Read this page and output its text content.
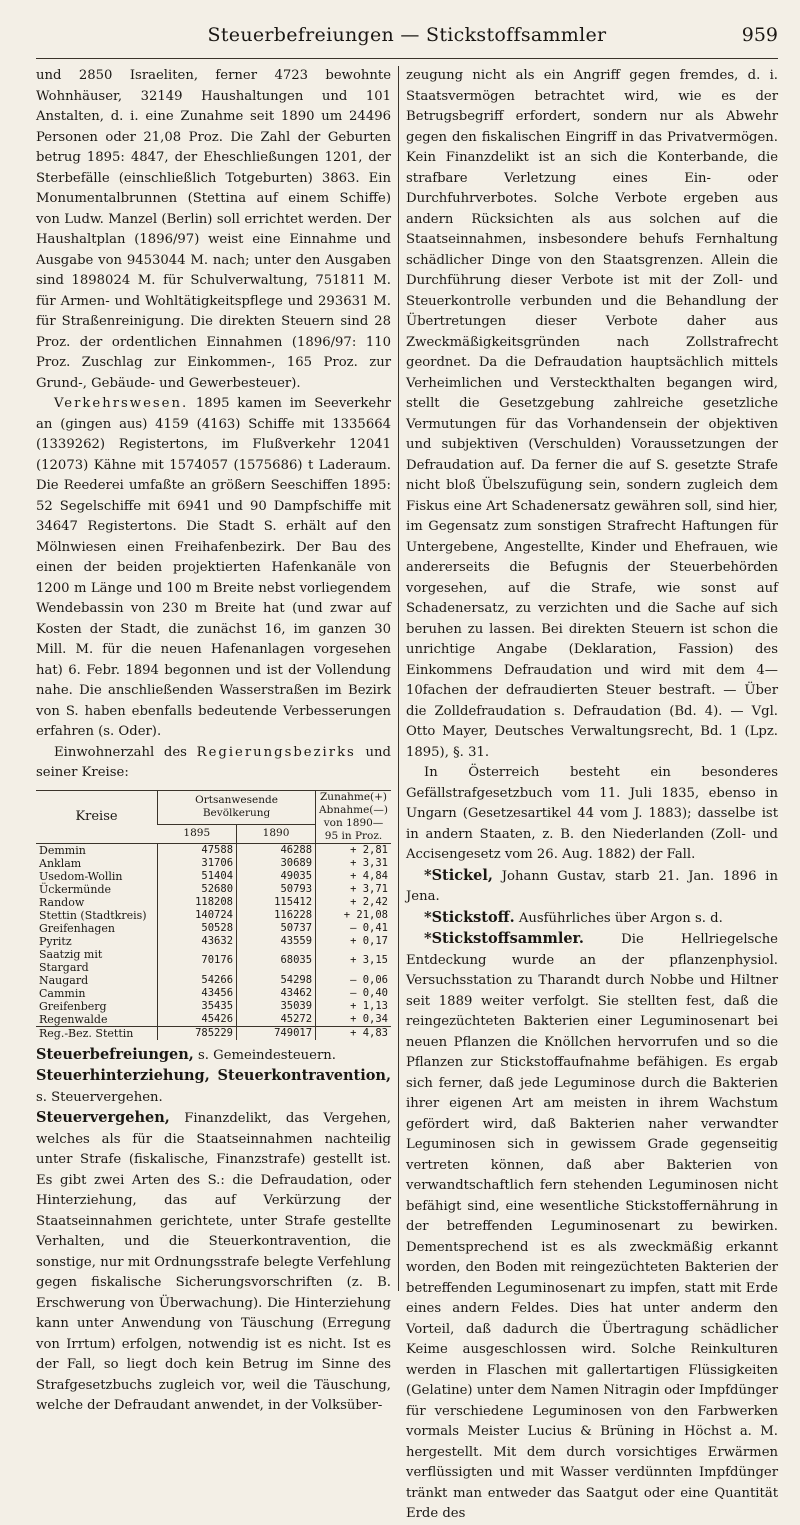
Steuerbefreiungen — Stickstoffsammler	959

und 2850 Israeliten, ferner 4723 bewohnte Wohnhäuser, 32149 Haushaltungen und 101 Anstalten, d. i. eine Zunahme seit 1890 um 24496 Personen oder 21,08 Proz. Die Zahl der Geburten betrug 1895: 4847, der Eheschließungen 1201, der Sterbefälle (einschließlich Totgeburten) 3863. Ein Monumentalbrunnen (Stettina auf einem Schiffe) von Ludw. Manzel (Berlin) soll errichtet werden. Der Haushaltplan (1896/97) weist eine Einnahme und Ausgabe von 9453044 M. nach; unter den Ausgaben sind 1898024 M. für Schulverwaltung, 751811 M. für Armen- und Wohltätigkeitspflege und 293631 M. für Straßenreinigung. Die direkten Steuern sind 28 Proz. der ordentlichen Einnahmen (1896/97: 110 Proz. Zuschlag zur Einkommen-, 165 Proz. zur Grund-, Gebäude- und Gewerbesteuer).

Verkehrswesen. 1895 kamen im Seeverkehr an (gingen aus) 4159 (4163) Schiffe mit 1335664 (1339262) Registertons, im Flußverkehr 12041 (12073) Kähne mit 1574057 (1575686) t Laderaum. Die Reederei umfaßte an größern Seeschiffen 1895: 52 Segelschiffe mit 6941 und 90 Dampfschiffe mit 34647 Registertons. Die Stadt S. erhält auf den Mölnwiesen einen Freihafenbezirk. Der Bau des einen der beiden projektierten Hafenkanäle von 1200 m Länge und 100 m Breite nebst vorliegendem Wendebassin von 230 m Breite hat (und zwar auf Kosten der Stadt, die zunächst 16, im ganzen 30 Mill. M. für die neuen Hafenanlagen vorgesehen hat) 6. Febr. 1894 begonnen und ist der Vollendung nahe. Die anschließenden Wasserstraßen im Bezirk von S. haben ebenfalls bedeutende Verbesserungen erfahren (s. Oder).

Einwohnerzahl des Regierungsbezirks und seiner Kreise:

Kreise	Ortsanwesende Bevölkerung		Zunahme(+) Abnahme(—) von 1890—95 in Proz.
	1895	1890	
Demmin	47588	46288	+ 2,81
Anklam	31706	30689	+ 3,31
Usedom-Wollin	51404	49035	+ 4,84
Ückermünde	52680	50793	+ 3,71
Randow	118208	115412	+ 2,42
Stettin (Stadtkreis)	140724	116228	+ 21,08
Greifenhagen	50528	50737	— 0,41
Pyritz	43632	43559	+ 0,17
Saatzig mit Stargard	70176	68035	+ 3,15
Naugard	54266	54298	— 0,06
Cammin	43456	43462	— 0,40
Greifenberg	35435	35039	+ 1,13
Regenwalde	45426	45272	+ 0,34
Reg.-Bez. Stettin	785229	749017	+ 4,83

Steuerbefreiungen, s. Gemeindesteuern.

Steuerhinterziehung, Steuerkontravention, s. Steuervergehen.

Steuervergehen, Finanzdelikt, das Vergehen, welches als für die Staatseinnahmen nachteilig unter Strafe (fiskalische, Finanzstrafe) gestellt ist. Es gibt zwei Arten des S.: die Defraudation, oder Hinterziehung, das auf Verkürzung der Staatseinnahmen gerichtete, unter Strafe gestellte Verhalten, und die Steuerkontravention, die sonstige, nur mit Ordnungsstrafe belegte Verfehlung gegen fiskalische Sicherungsvorschriften (z. B. Erschwerung von Überwachung). Die Hinterziehung kann unter Anwendung von Täuschung (Erregung von Irrtum) erfolgen, notwendig ist es nicht. Ist es der Fall, so liegt doch kein Betrug im Sinne des Strafgesetzbuchs zugleich vor, weil die Täuschung, welche der Defraudant anwendet, in der Volksüber-

zeugung nicht als ein Angriff gegen fremdes, d. i. Staatsvermögen betrachtet wird, wie es der Betrugsbegriff erfordert, sondern nur als Abwehr gegen den fiskalischen Eingriff in das Privatvermögen. Kein Finanzdelikt ist an sich die Konterbande, die strafbare Verletzung eines Ein- oder Durchfuhrverbotes. Solche Verbote ergeben aus andern Rücksichten als aus solchen auf die Staatseinnahmen, insbesondere behufs Fernhaltung schädlicher Dinge von den Staatsgrenzen. Allein die Durchführung dieser Verbote ist mit der Zoll- und Steuerkontrolle verbunden und die Behandlung der Übertretungen dieser Verbote daher aus Zweckmäßigkeitsgründen nach Zollstrafrecht geordnet. Da die Defraudation hauptsächlich mittels Verheimlichen und Versteckthalten begangen wird, stellt die Gesetzgebung zahlreiche gesetzliche Vermutungen für das Vorhandensein der objektiven und subjektiven (Verschulden) Voraussetzungen der Defraudation auf. Da ferner die auf S. gesetzte Strafe nicht bloß Übelszufügung sein, sondern zugleich dem Fiskus eine Art Schadenersatz gewähren soll, sind hier, im Gegensatz zum sonstigen Strafrecht Haftungen für Untergebene, Angestellte, Kinder und Ehefrauen, wie andererseits die Befugnis der Steuerbehörden vorgesehen, auf die Strafe, wie sonst auf Schadenersatz, zu verzichten und die Sache auf sich beruhen zu lassen. Bei direkten Steuern ist schon die unrichtige Angabe (Deklaration, Fassion) des Einkommens Defraudation und wird mit dem 4—10fachen der defraudierten Steuer bestraft. — Über die Zolldefraudation s. Defraudation (Bd. 4). — Vgl. Otto Mayer, Deutsches Verwaltungsrecht, Bd. 1 (Lpz. 1895), §. 31.

In Österreich besteht ein besonderes Gefällstrafgesetzbuch vom 11. Juli 1835, ebenso in Ungarn (Gesetzesartikel 44 vom J. 1883); dasselbe ist in andern Staaten, z. B. den Niederlanden (Zoll- und Accisengesetz vom 26. Aug. 1882) der Fall.

*Stickel, Johann Gustav, starb 21. Jan. 1896 in Jena.

*Stickstoff. Ausführliches über Argon s. d.

*Stickstoffsammler. Die Hellriegelsche Entdeckung wurde an der pflanzenphysiol. Versuchsstation zu Tharandt durch Nobbe und Hiltner seit 1889 weiter verfolgt. Sie stellten fest, daß die reingezüchteten Bakterien einer Leguminosenart bei neuen Pflanzen die Knöllchen hervorrufen und so die Pflanzen zur Stickstoffaufnahme befähigen. Es ergab sich ferner, daß jede Leguminose durch die Bakterien ihrer eigenen Art am meisten in ihrem Wachstum gefördert wird, daß Bakterien naher verwandter Leguminosen sich in gewissem Grade gegenseitig vertreten können, daß aber Bakterien von verwandtschaftlich fern stehenden Leguminosen nicht befähigt sind, eine wesentliche Stickstoffernährung in der betreffenden Leguminosenart zu bewirken. Dementsprechend ist es als zweckmäßig erkannt worden, den Boden mit reingezüchteten Bakterien der betreffenden Leguminosenart zu impfen, statt mit Erde eines andern Feldes. Dies hat unter anderm den Vorteil, daß dadurch die Übertragung schädlicher Keime ausgeschlossen wird. Solche Reinkulturen werden in Flaschen mit gallertartigen Flüssigkeiten (Gelatine) unter dem Namen Nitragin oder Impfdünger für verschiedene Leguminosen von den Farbwerken vormals Meister Lucius & Brüning in Höchst a. M. hergestellt. Mit dem durch vorsichtiges Erwärmen verflüssigten und mit Wasser verdünnten Impfdünger tränkt man entweder das Saatgut oder eine Quantität Erde des
